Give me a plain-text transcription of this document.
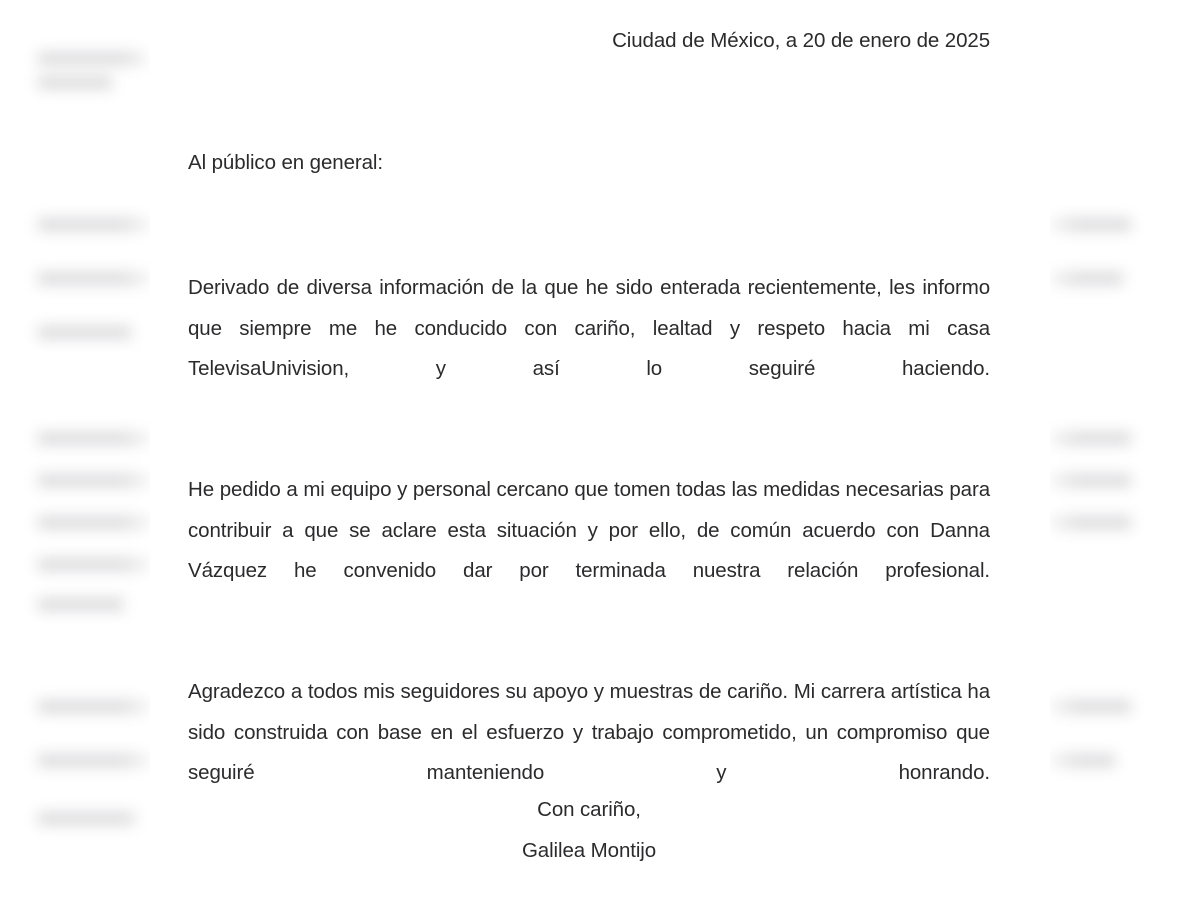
Ciudad de México, a 20 de enero de 2025
Al público en general:

Derivado de diversa información de la que he sido enterada recientemente, les informo que siempre me he conducido con cariño, lealtad y respeto hacia mi casa TelevisaUnivision, y así lo seguiré haciendo.

He pedido a mi equipo y personal cercano que tomen todas las medidas necesarias para  contribuir a que se aclare esta situación y por ello, de común acuerdo con Danna Vázquez he convenido dar por terminada nuestra relación profesional.

Agradezco a todos mis seguidores su apoyo y muestras de cariño. Mi carrera artística ha sido construida con base en el esfuerzo y trabajo comprometido, un compromiso que seguiré manteniendo y honrando.

Con cariño,
Galilea Montijo
